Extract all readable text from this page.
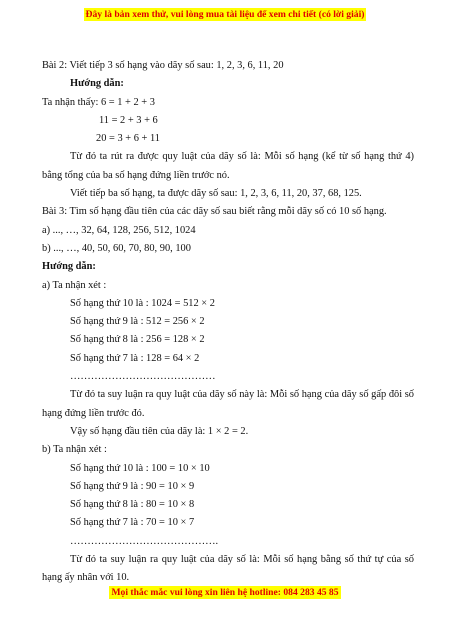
Đây là bản xem thử, vui lòng mua tài liệu để xem chi tiết (có lời giải)
Bài 2: Viết tiếp 3 số hạng vào dãy số sau: 1, 2, 3, 6, 11, 20
Hướng dẫn:
Ta nhận thấy: 6 = 1 + 2 + 3
11 = 2 + 3 + 6
20 = 3 + 6 + 11
Từ đó ta rút ra được quy luật của dãy số là: Mỗi số hạng (kể từ số hạng thứ 4) bằng tổng của ba số hạng đứng liền trước nó.
Viết tiếp ba số hạng, ta được dãy số sau: 1, 2, 3, 6, 11, 20, 37, 68, 125.
Bài 3: Tìm số hạng đầu tiên của các dãy số sau biết rằng mỗi dãy số có 10 số hạng.
a) ..., …, 32, 64, 128, 256, 512, 1024
b) ..., …, 40, 50, 60, 70, 80, 90, 100
Hướng dẫn:
a) Ta nhận xét :
Số hạng thứ 10 là : 1024 = 512 × 2
Số hạng thứ 9 là : 512 = 256 × 2
Số hạng thứ 8 là : 256 = 128 × 2
Số hạng thứ 7 là : 128 = 64 × 2
……………………………………
Từ đó ta suy luận ra quy luật của dãy số này là: Mỗi số hạng của dãy số gấp đôi số hạng đứng liền trước đó.
Vậy số hạng đầu tiên của dãy là: 1 × 2 = 2.
b) Ta nhận xét :
Số hạng thứ 10 là : 100 = 10 × 10
Số hạng thứ 9 là : 90 = 10 × 9
Số hạng thứ 8 là : 80 = 10 × 8
Số hạng thứ 7 là : 70 = 10 × 7
…………………………………….
Từ đó ta suy luận ra quy luật của dãy số là: Mỗi số hạng bằng số thứ tự của số hạng ấy nhân với 10.
Mọi thắc mắc vui lòng xin liên hệ hotline: 084 283 45 85
